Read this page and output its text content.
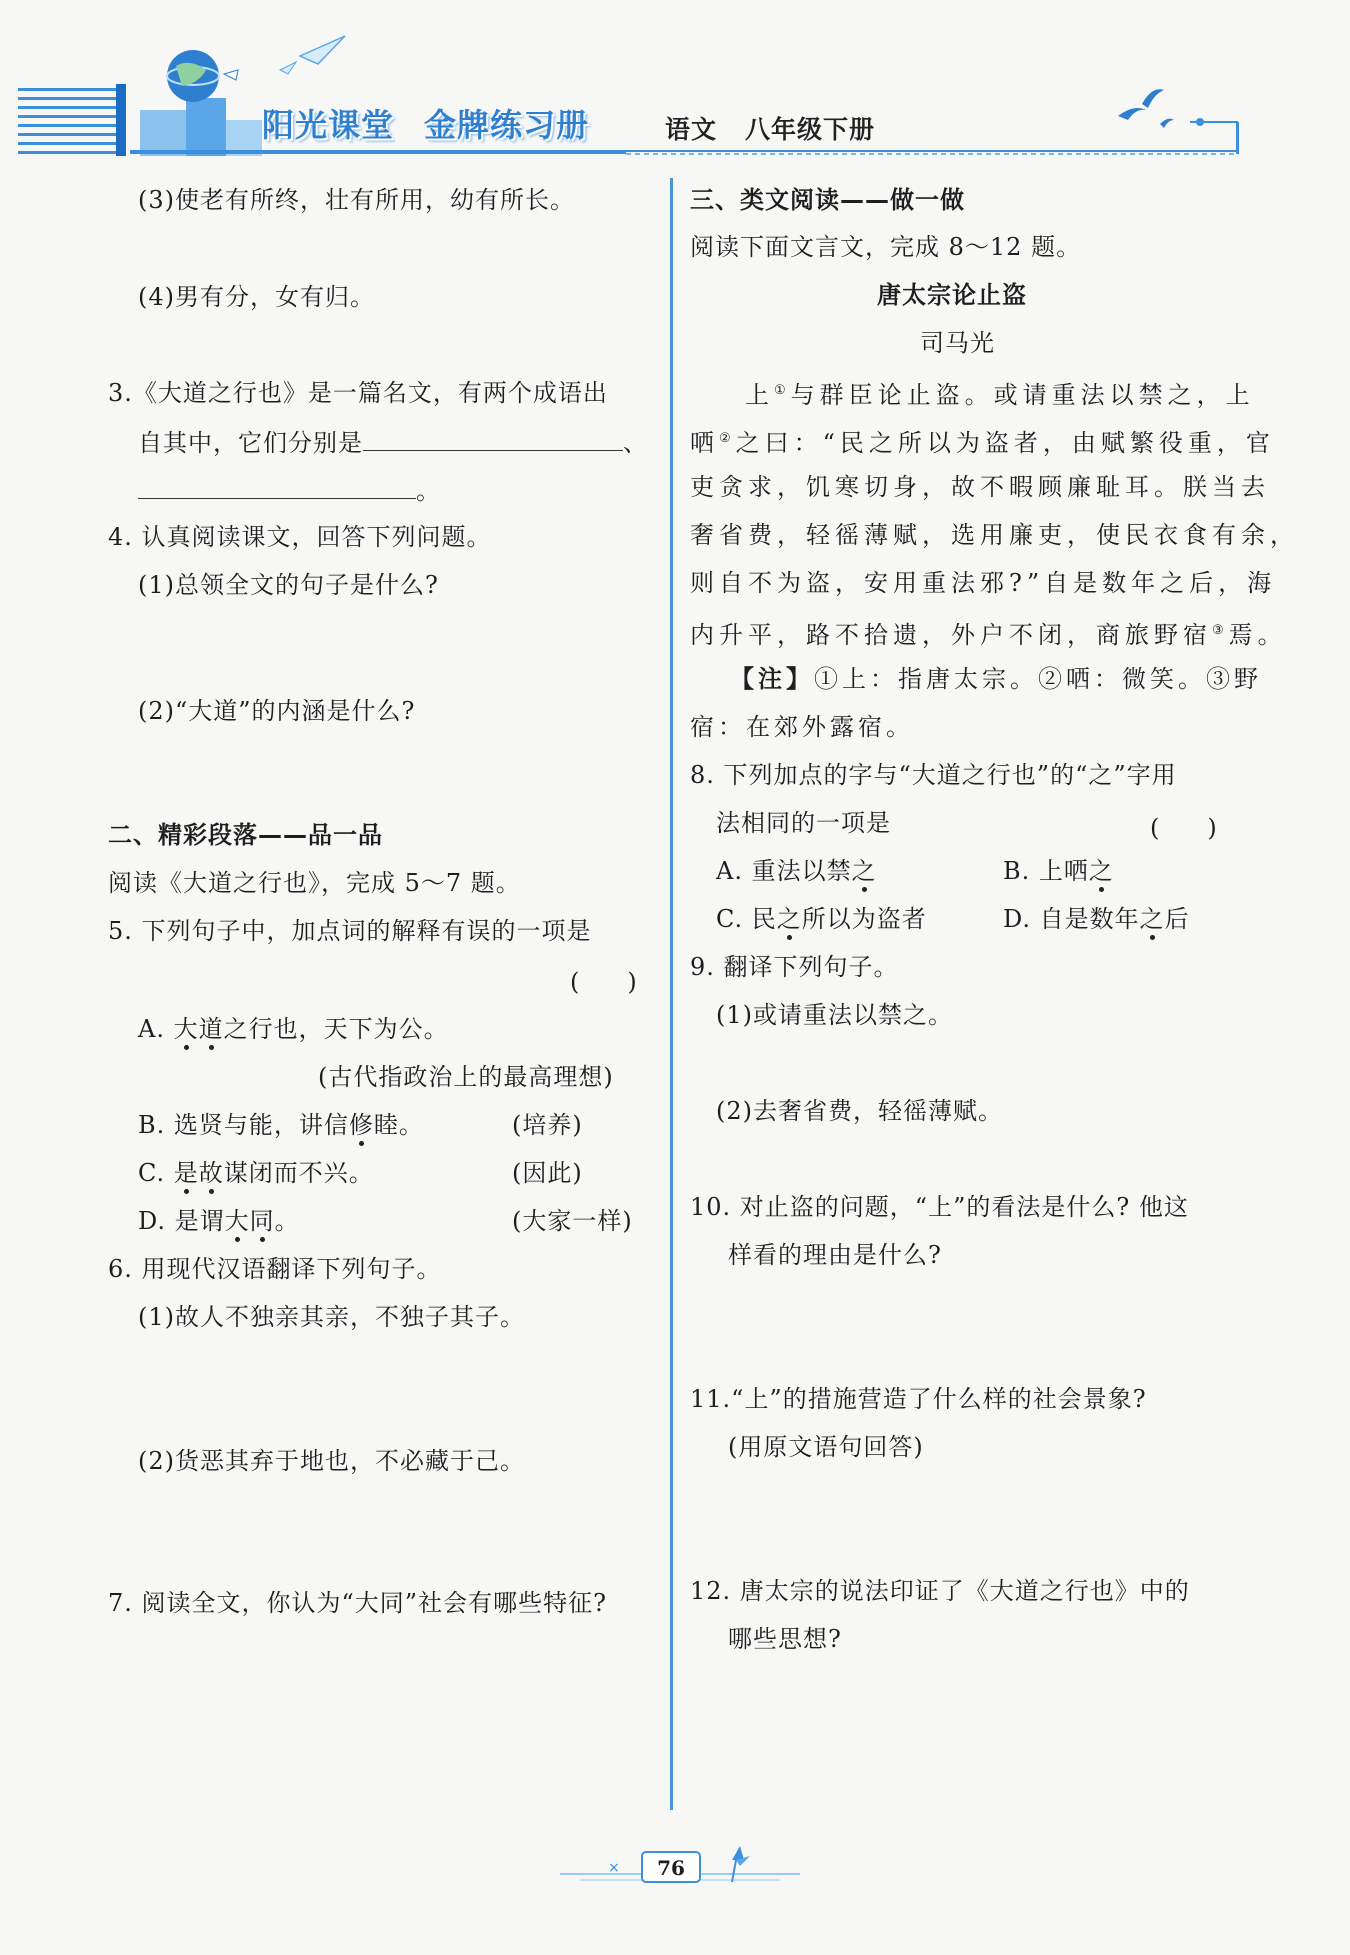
阳光课堂 金牌练习册	语文 八年级下册
(3)使老有所终，壮有所用，幼有所长。
(4)男有分，女有归。
3.《大道之行也》是一篇名文，有两个成语出
自其中，它们分别是	、
。
4. 认真阅读课文，回答下列问题。
(1)总领全文的句子是什么?
(2)“大道”的内涵是什么?
二、精彩段落——品一品
阅读《大道之行也》，完成 5～7 题。
5. 下列句子中，加点词的解释有误的一项是
(　　)
A. 大道之行也，天下为公。
(古代指政治上的最高理想)
B. 选贤与能，讲信修睦。	(培养)
C. 是故谋闭而不兴。	(因此)
D. 是谓大同。	(大家一样)
6. 用现代汉语翻译下列句子。
(1)故人不独亲其亲，不独子其子。
(2)货恶其弃于地也，不必藏于己。
7. 阅读全文，你认为“大同”社会有哪些特征?
三、类文阅读——做一做
阅读下面文言文，完成 8～12 题。
唐太宗论止盗
司马光
上①与群臣论止盗。或请重法以禁之，上
哂②之曰：“民之所以为盗者，由赋繁役重，官
吏贪求，饥寒切身，故不暇顾廉耻耳。朕当去
奢省费，轻徭薄赋，选用廉吏，使民衣食有余，
则自不为盗，安用重法邪?”自是数年之后，海
内升平，路不拾遗，外户不闭，商旅野宿③焉。
【注】①上：指唐太宗。②哂：微笑。③野
宿：在郊外露宿。
8. 下列加点的字与“大道之行也”的“之”字用
法相同的一项是	(　　)
A. 重法以禁之	B. 上哂之
C. 民之所以为盗者	D. 自是数年之后
9. 翻译下列句子。
(1)或请重法以禁之。
(2)去奢省费，轻徭薄赋。
10. 对止盗的问题，“上”的看法是什么? 他这
样看的理由是什么?
11.“上”的措施营造了什么样的社会景象?
(用原文语句回答)
12. 唐太宗的说法印证了《大道之行也》中的
哪些思想?
×	76
